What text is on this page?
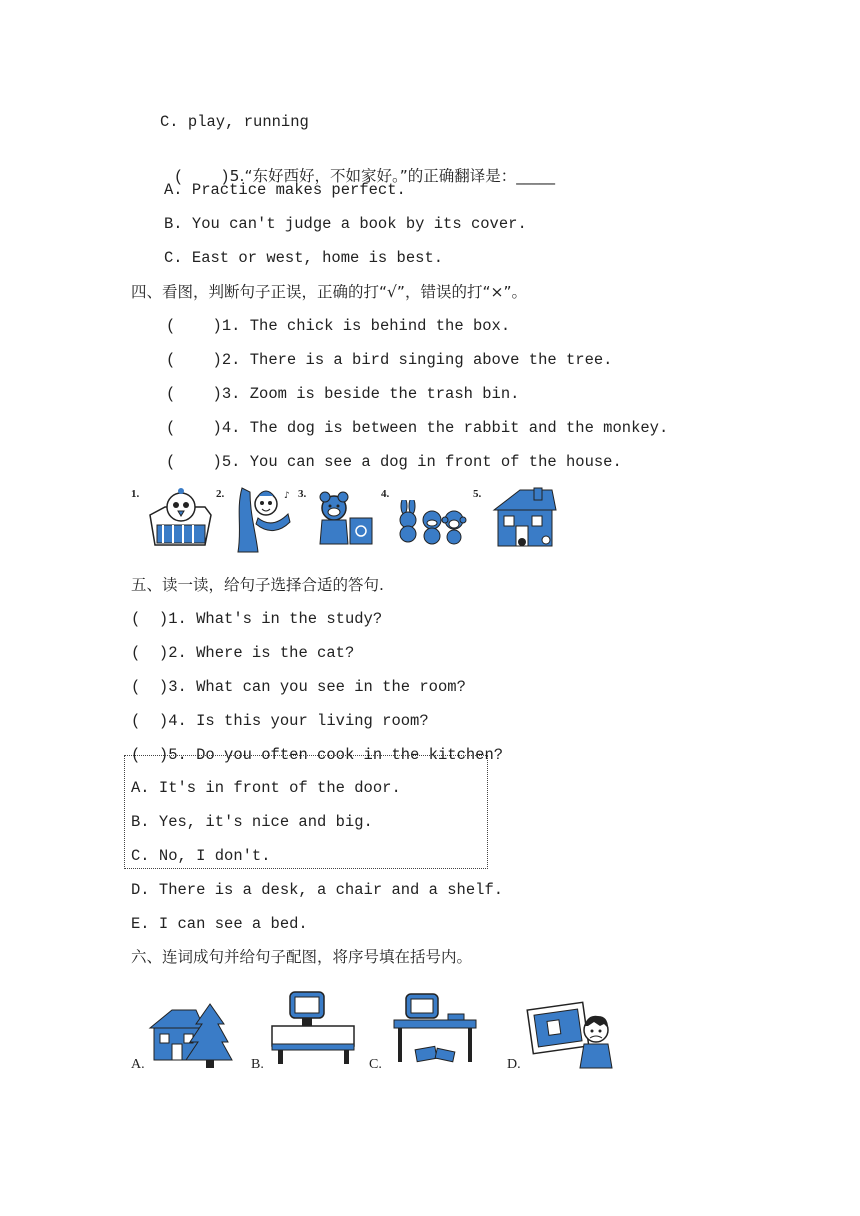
C. play, running

(    )5.“东好西好，不如家好。”的正确翻译是：_____

A. Practice makes perfect.
B. You can't judge a book by its cover.
C. East or west, home is best.
四、看图，判断句子正误，正确的打“√”，错误的打“×”。
(    )1. The chick is behind the box.
(    )2. There is a bird singing above the tree.
(    )3. Zoom is beside the trash bin.
(    )4. The dog is between the rabbit and the monkey.
(    )5. You can see a dog in front of the house.
1.	2.	♪ 3.	4.	5.
五、读一读，给句子选择合适的答句.
(  )1. What's in the study?
(  )2. Where is the cat?
(  )3. What can you see in the room?
(  )4. Is this your living room?
(  )5. Do you often cook in the kitchen?
A. It's in front of the door.
B. Yes, it's nice and big.
C. No, I don't.
D. There is a desk, a chair and a shelf.
E. I can see a bed.
六、连词成句并给句子配图，将序号填在括号内。
A.	B.	C.	D.
